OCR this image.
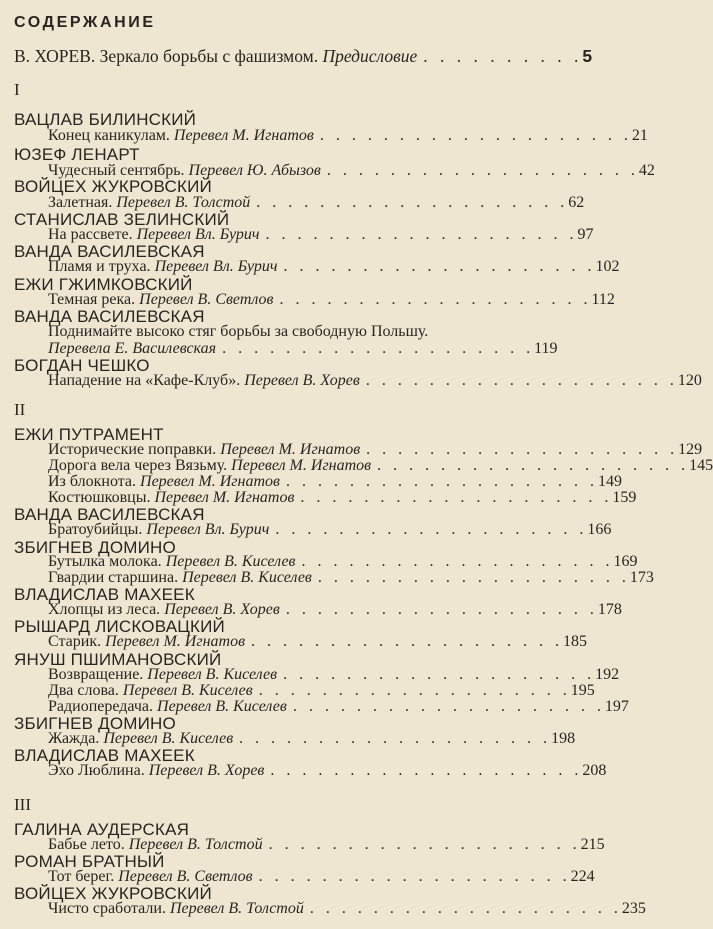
СОДЕРЖАНИЕ
В. ХОРЕВ. Зеркало борьбы с фашизмом. Предисловие . . . . . . . . . . 5
I
ВАЦЛАВ БИЛИНСКИЙ
Конец каникулам. Перевел М. Игнатов . . . . . . . . . . . . . . . . . . . . 21
ЮЗЕФ ЛЕНАРТ
Чудесный сентябрь. Перевел Ю. Абызов . . . . . . . . . . . . . . . . . . . . 42
ВОЙЦЕХ ЖУКРОВСКИЙ
Залетная. Перевел В. Толстой . . . . . . . . . . . . . . . . . . . . 62
СТАНИСЛАВ ЗЕЛИНСКИЙ
На рассвете. Перевел Вл. Бурич . . . . . . . . . . . . . . . . . . . . 97
ВАНДА ВАСИЛЕВСКАЯ
Пламя и труха. Перевел Вл. Бурич . . . . . . . . . . . . . . . . . . . . 102
ЕЖИ ГЖИМКОВСКИЙ
Темная река. Перевел В. Светлов . . . . . . . . . . . . . . . . . . . . 112
ВАНДА ВАСИЛЕВСКАЯ
Поднимайте высоко стяг борьбы за свободную Польшу.
Перевела Е. Василевская . . . . . . . . . . . . . . . . . . . . 119
БОГДАН ЧЕШКО
Нападение на «Кафе-Клуб». Перевел В. Хорев . . . . . . . . . . . . . . . . . . . . 120
II
ЕЖИ ПУТРАМЕНТ
Исторические поправки. Перевел М. Игнатов . . . . . . . . . . . . . . . . . . . . 129
Дорога вела через Вязьму. Перевел М. Игнатов . . . . . . . . . . . . . . . . . . . . 145
Из блокнота. Перевел М. Игнатов . . . . . . . . . . . . . . . . . . . . 149
Костюшковцы. Перевел М. Игнатов . . . . . . . . . . . . . . . . . . . . 159
ВАНДА ВАСИЛЕВСКАЯ
Братоубийцы. Перевел Вл. Бурич . . . . . . . . . . . . . . . . . . . . 166
ЗБИГНЕВ ДОМИНО
Бутылка молока. Перевел В. Киселев . . . . . . . . . . . . . . . . . . . . 169
Гвардии старшина. Перевел В. Киселев . . . . . . . . . . . . . . . . . . . . 173
ВЛАДИСЛАВ МАХЕЕК
Хлопцы из леса. Перевел В. Хорев . . . . . . . . . . . . . . . . . . . . 178
РЫШАРД ЛИСКОВАЦКИЙ
Старик. Перевел М. Игнатов . . . . . . . . . . . . . . . . . . . . 185
ЯНУШ ПШИМАНОВСКИЙ
Возвращение. Перевел В. Киселев . . . . . . . . . . . . . . . . . . . . 192
Два слова. Перевел В. Киселев . . . . . . . . . . . . . . . . . . . . 195
Радиопередача. Перевел В. Киселев . . . . . . . . . . . . . . . . . . . . 197
ЗБИГНЕВ ДОМИНО
Жажда. Перевел В. Киселев . . . . . . . . . . . . . . . . . . . . 198
ВЛАДИСЛАВ МАХЕЕК
Эхо Люблина. Перевел В. Хорев . . . . . . . . . . . . . . . . . . . . 208
III
ГАЛИНА АУДЕРСКАЯ
Бабье лето. Перевел В. Толстой . . . . . . . . . . . . . . . . . . . . 215
РОМАН БРАТНЫЙ
Тот берег. Перевел В. Светлов . . . . . . . . . . . . . . . . . . . . 224
ВОЙЦЕХ ЖУКРОВСКИЙ
Чисто сработали. Перевел В. Толстой . . . . . . . . . . . . . . . . . . . . 235
